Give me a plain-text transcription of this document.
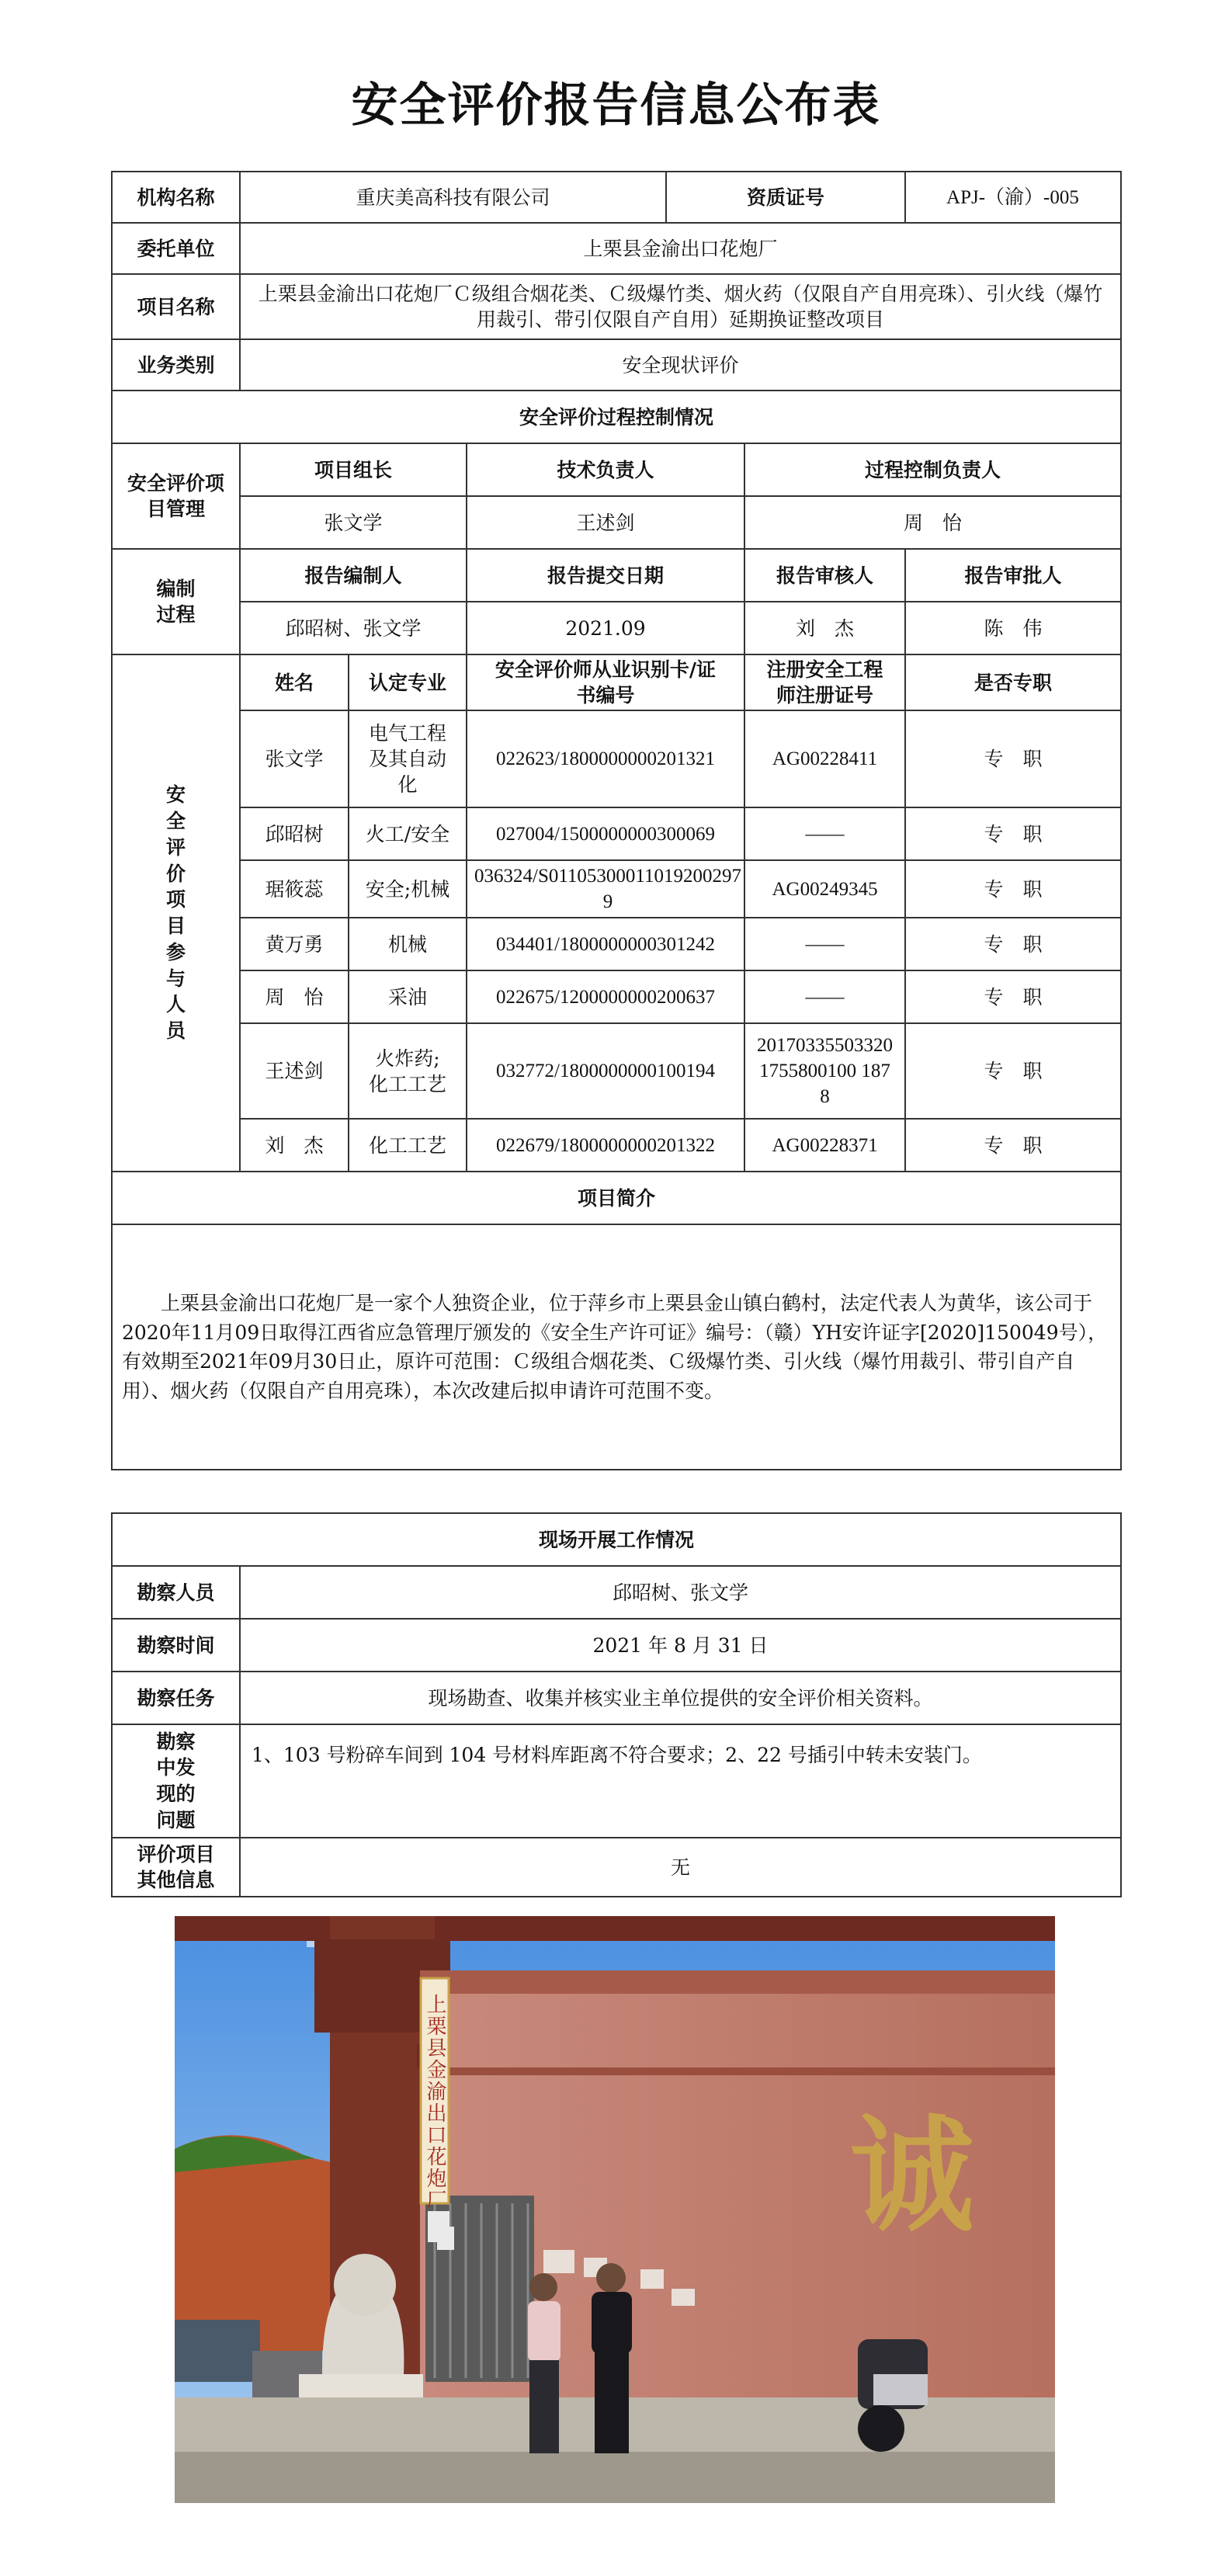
安全评价报告信息公布表
机构名称	重庆美高科技有限公司			资质证号		APJ-（渝）-005
委托单位	上栗县金渝出口花炮厂					
项目名称	上栗县金渝出口花炮厂Ｃ级组合烟花类、Ｃ级爆竹类、烟火药（仅限自产自用亮珠）、引火线（爆竹用裁引、带引仅限自产自用）延期换证整改项目					
业务类别	安全现状评价					
安全评价过程控制情况						
安全评价项目管理	项目组长		技术负责人		过程控制负责人	
	张文学		王述剑		周　怡	
编制过程	报告编制人		报告提交日期		报告审核人	报告审批人
	邱昭树、张文学		2021.09		刘　杰	陈　伟
安全评价项目参与人员	姓名	认定专业	安全评价师从业识别卡/证书编号		注册安全工程师注册证号	是否专职
	张文学	电气工程及其自动化	022623/1800000000201321		AG00228411	专　职
	邱昭树	火工/安全	027004/1500000000300069		——	专　职
	琚筱蕊	安全;机械	036324/S011053000110192002979		AG00249345	专　职
	黄万勇	机械	034401/1800000000301242		——	专　职
	周　怡	采油	022675/1200000000200637		——	专　职
	王述剑	火炸药;化工工艺	032772/1800000000100194		201703355033201755800100 1878	专　职
	刘　杰	化工工艺	022679/1800000000201322		AG00228371	专　职
项目简介						
上栗县金渝出口花炮厂是一家个人独资企业，位于萍乡市上栗县金山镇白鹤村，法定代表人为黄华，该公司于2020年11月09日取得江西省应急管理厅颁发的《安全生产许可证》编号：（赣）YH安许证字[2020]150049号），有效期至2021年09月30日止，原许可范围：Ｃ级组合烟花类、Ｃ级爆竹类、引火线（爆竹用裁引、带引自产自用）、烟火药（仅限自产自用亮珠），本次改建后拟申请许可范围不变。						
现场开展工作情况	
勘察人员	邱昭树、张文学
勘察时间	2021 年 8 月 31 日
勘察任务	现场勘查、收集并核实业主单位提供的安全评价相关资料。
勘察中发现的问题	1、103 号粉碎车间到 104 号材料库距离不符合要求；2、22 号插引中转未安装门。
评价项目其他信息	无
上栗县金渝出口花炮厂	诚
